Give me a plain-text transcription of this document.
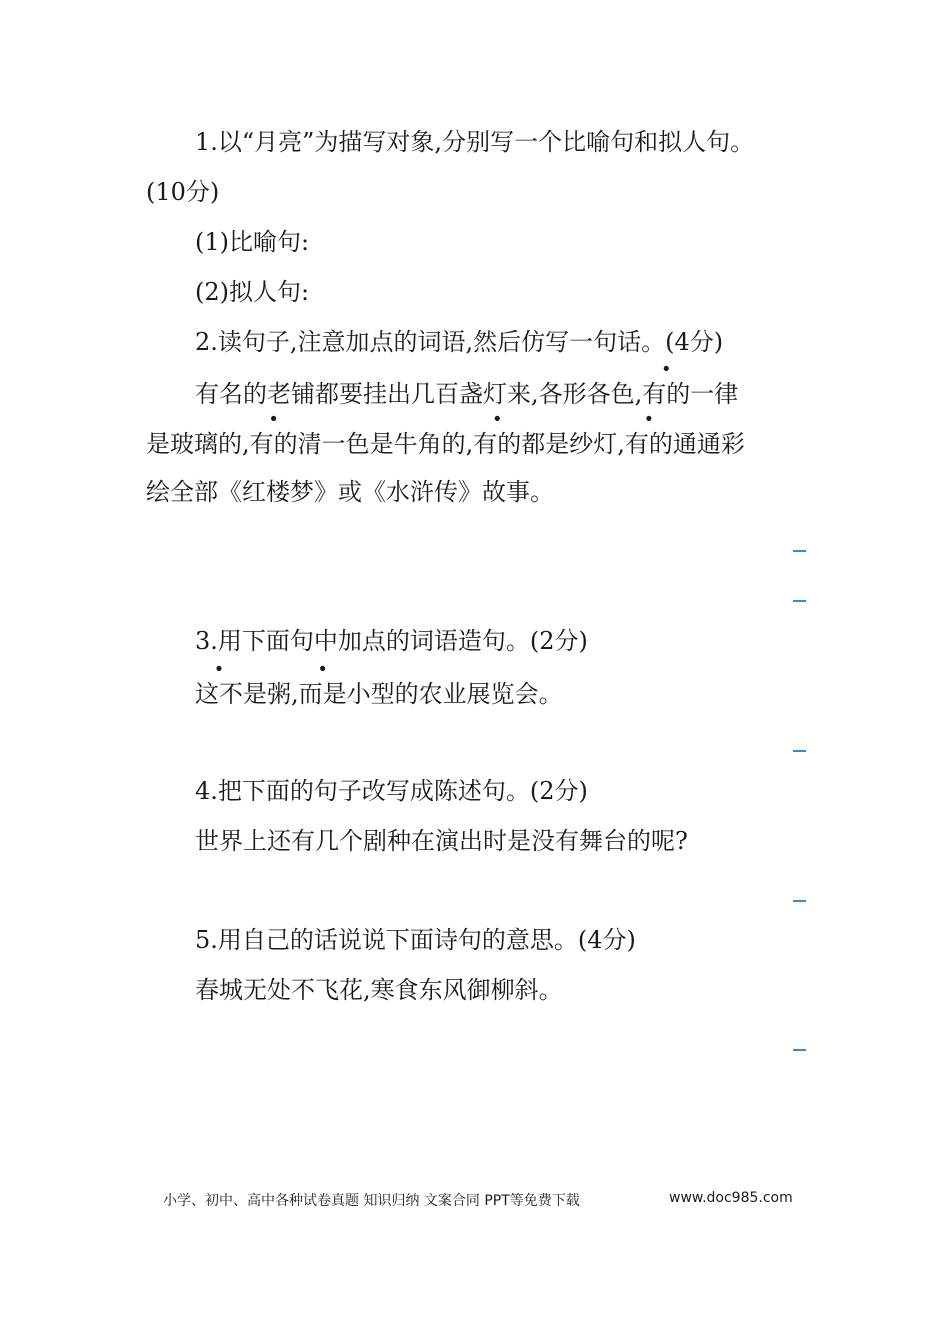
1.以“月亮”为描写对象,分别写一个比喻句和拟人句。
(10分)
(1)比喻句:
(2)拟人句:
2.读句子,注意加点的词语,然后仿写一句话。(4分)
有名的老铺都要挂出几百盏灯来,各形各色,有的一律
是玻璃的,有的清一色是牛角的,有的都是纱灯,有的通通彩
绘全部《红楼梦》或《水浒传》故事。
3.用下面句中加点的词语造句。(2分)
这不是粥,而是小型的农业展览会。
4.把下面的句子改写成陈述句。(2分)
世界上还有几个剧种在演出时是没有舞台的呢?
5.用自己的话说说下面诗句的意思。(4分)
春城无处不飞花,寒食东风御柳斜。
小学、初中、高中各种试卷真题 知识归纳 文案合同 PPT等免费下载	www.doc985.com
